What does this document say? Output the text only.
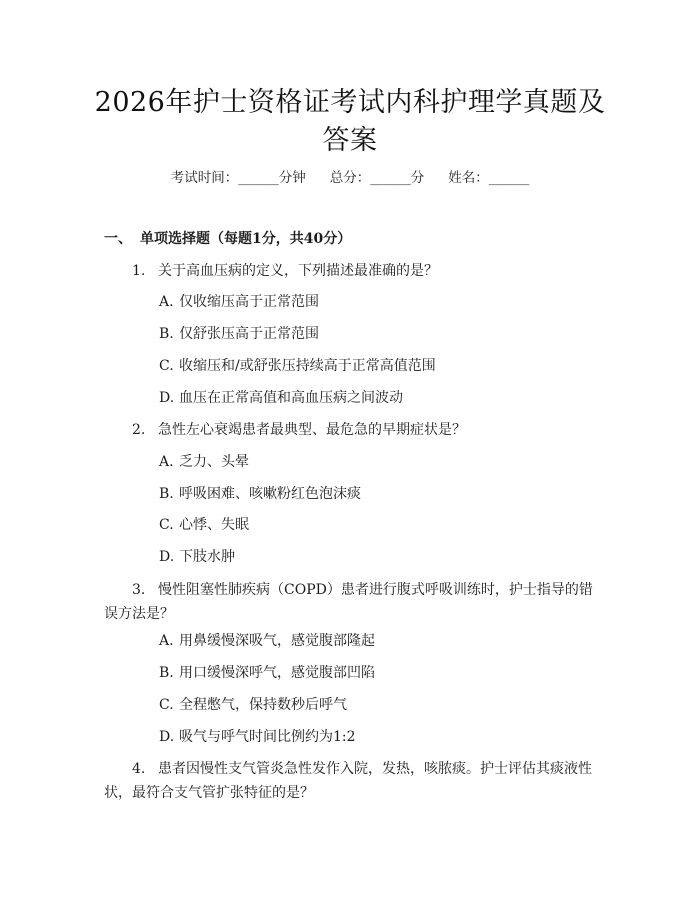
2026年护士资格证考试内科护理学真题及答案
考试时间：______分钟 总分：______分 姓名：______
一、 单项选择题（每题1分，共40分）
1. 关于高血压病的定义，下列描述最准确的是？
A. 仅收缩压高于正常范围
B. 仅舒张压高于正常范围
C. 收缩压和/或舒张压持续高于正常高值范围
D. 血压在正常高值和高血压病之间波动
2. 急性左心衰竭患者最典型、最危急的早期症状是？
A. 乏力、头晕
B. 呼吸困难、咳嗽粉红色泡沫痰
C. 心悸、失眠
D. 下肢水肿
3. 慢性阻塞性肺疾病（COPD）患者进行腹式呼吸训练时，护士指导的错误方法是？
A. 用鼻缓慢深吸气，感觉腹部隆起
B. 用口缓慢深呼气，感觉腹部凹陷
C. 全程憋气，保持数秒后呼气
D. 吸气与呼气时间比例约为1:2
4. 患者因慢性支气管炎急性发作入院，发热，咳脓痰。护士评估其痰液性状，最符合支气管扩张特征的是？
